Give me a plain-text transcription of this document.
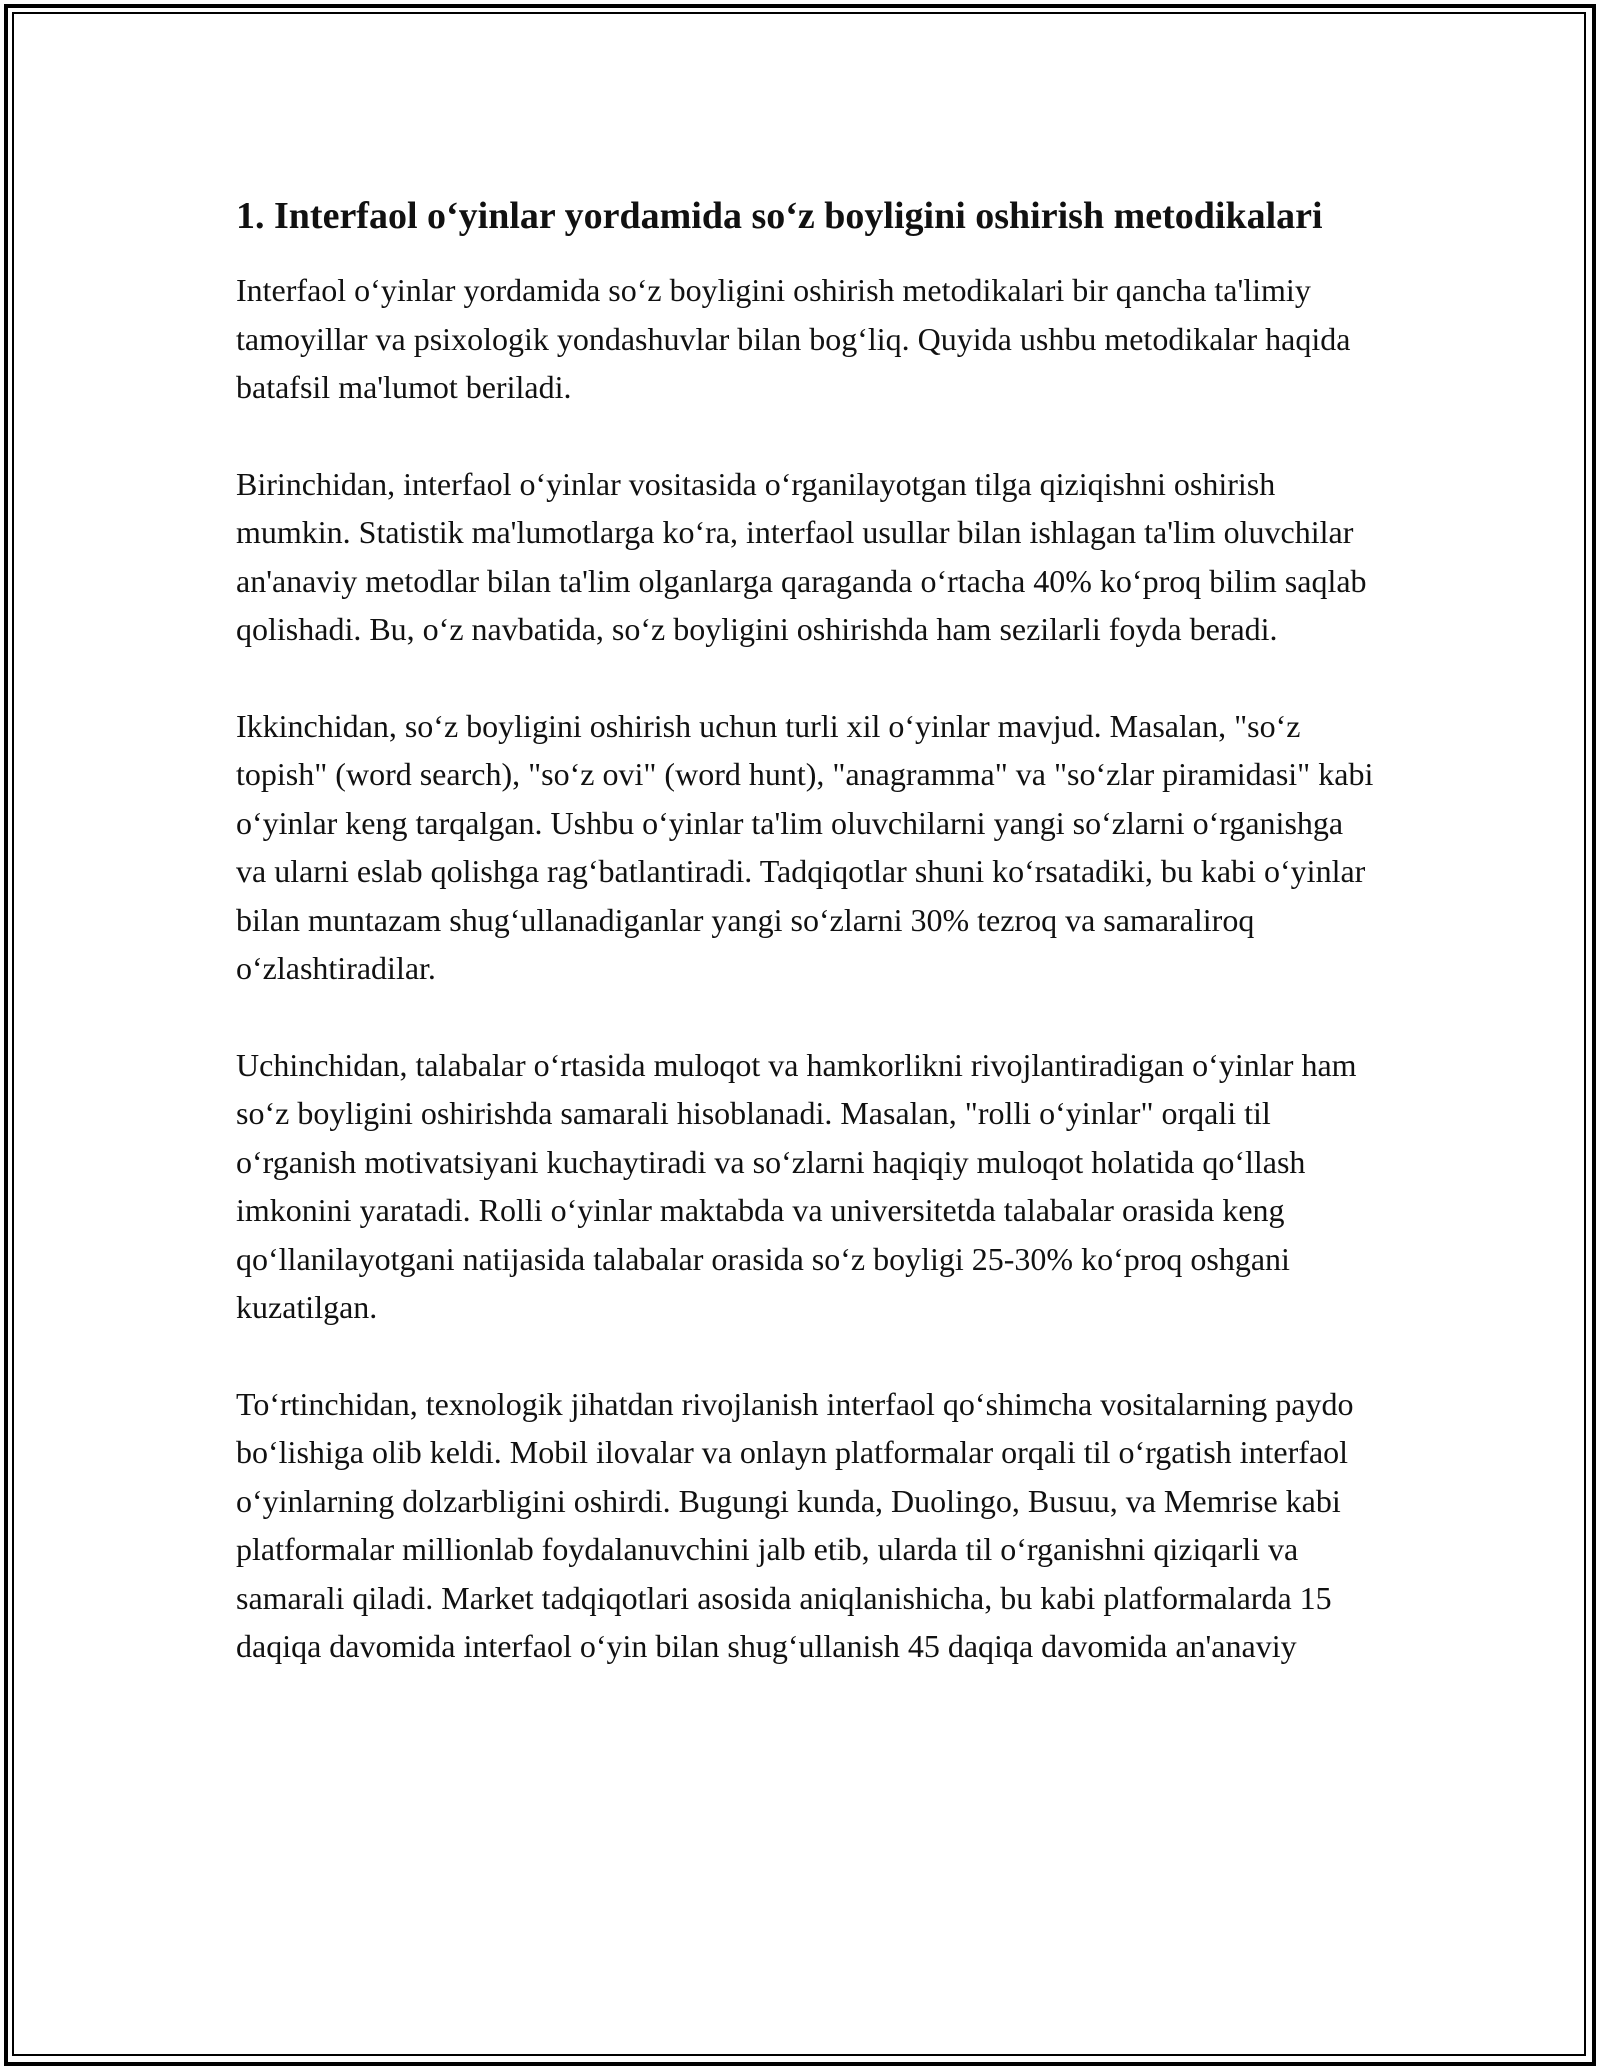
1. Interfaol o‘yinlar yordamida so‘z boyligini oshirish metodikalari

Interfaol o‘yinlar yordamida so‘z boyligini oshirish metodikalari bir qancha ta'limiy tamoyillar va psixologik yondashuvlar bilan bog‘liq. Quyida ushbu metodikalar haqida batafsil ma'lumot beriladi.

Birinchidan, interfaol o‘yinlar vositasida o‘rganilayotgan tilga qiziqishni oshirish mumkin. Statistik ma'lumotlarga ko‘ra, interfaol usullar bilan ishlagan ta'lim oluvchilar an'anaviy metodlar bilan ta'lim olganlarga qaraganda o‘rtacha 40% ko‘proq bilim saqlab qolishadi. Bu, o‘z navbatida, so‘z boyligini oshirishda ham sezilarli foyda beradi.

Ikkinchidan, so‘z boyligini oshirish uchun turli xil o‘yinlar mavjud. Masalan, "so‘z topish" (word search), "so‘z ovi" (word hunt), "anagramma" va "so‘zlar piramidasi" kabi o‘yinlar keng tarqalgan. Ushbu o‘yinlar ta'lim oluvchilarni yangi so‘zlarni o‘rganishga va ularni eslab qolishga rag‘batlantiradi. Tadqiqotlar shuni ko‘rsatadiki, bu kabi o‘yinlar bilan muntazam shug‘ullanadiganlar yangi so‘zlarni 30% tezroq va samaraliroq o‘zlashtiradilar.

Uchinchidan, talabalar o‘rtasida muloqot va hamkorlikni rivojlantiradigan o‘yinlar ham so‘z boyligini oshirishda samarali hisoblanadi. Masalan, "rolli o‘yinlar" orqali til o‘rganish motivatsiyani kuchaytiradi va so‘zlarni haqiqiy muloqot holatida qo‘llash imkonini yaratadi. Rolli o‘yinlar maktabda va universitetda talabalar orasida keng qo‘llanilayotgani natijasida talabalar orasida so‘z boyligi 25-30% ko‘proq oshgani kuzatilgan.

To‘rtinchidan, texnologik jihatdan rivojlanish interfaol qo‘shimcha vositalarning paydo bo‘lishiga olib keldi. Mobil ilovalar va onlayn platformalar orqali til o‘rgatish interfaol o‘yinlarning dolzarbligini oshirdi. Bugungi kunda, Duolingo, Busuu, va Memrise kabi platformalar millionlab foydalanuvchini jalb etib, ularda til o‘rganishni qiziqarli va samarali qiladi. Market tadqiqotlari asosida aniqlanishicha, bu kabi platformalarda 15 daqiqa davomida interfaol o‘yin bilan shug‘ullanish 45 daqiqa davomida an'anaviy
